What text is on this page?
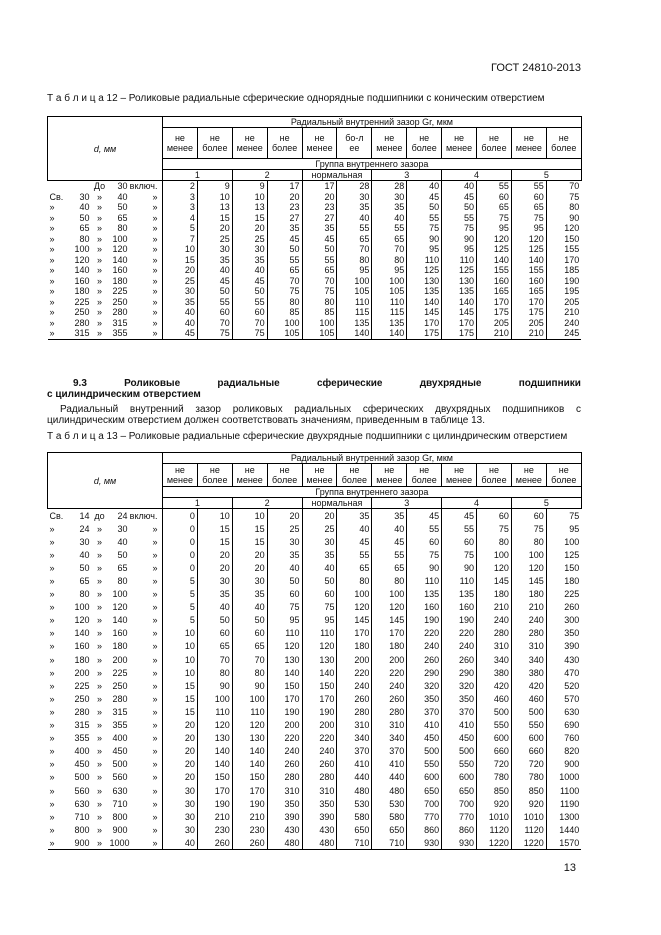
ГОСТ 24810-2013
Т а б л и ц а 12 – Роликовые радиальные сферические однорядные подшипники с коническим отверстием
d, мм	Радиальный внутренний зазор Gr, мкм											
	не менее	не более	не менее	не более	не менее	бо-лее	не менее	не более	не менее	не более	не менее	не более
	Группа внутреннего зазора											
	1		2		нормальная		3		4		5	

До 30 включ.	2	9	9	17	17	28	28	40	40	55	55	70

Св. 30 » 40 »	3	10	10	20	20	30	30	45	45	60	60	75

» 40 » 50 »	3	13	13	23	23	35	35	50	50	65	65	80

» 50 » 65 »	4	15	15	27	27	40	40	55	55	75	75	90

» 65 » 80 »	5	20	20	35	35	55	55	75	75	95	95	120

» 80 » 100 »	7	25	25	45	45	65	65	90	90	120	120	150

» 100 » 120 »	10	30	30	50	50	70	70	95	95	125	125	155

» 120 » 140 »	15	35	35	55	55	80	80	110	110	140	140	170

» 140 » 160 »	20	40	40	65	65	95	95	125	125	155	155	185

» 160 » 180 »	25	45	45	70	70	100	100	130	130	160	160	190

» 180 » 225 »	30	50	50	75	75	105	105	135	135	165	165	195

» 225 » 250 »	35	55	55	80	80	110	110	140	140	170	170	205

» 250 » 280 »	40	60	60	85	85	115	115	145	145	175	175	210

» 280 » 315 »	40	70	70	100	100	135	135	170	170	205	205	240

» 315 » 355 »	45	75	75	105	105	140	140	175	175	210	210	245
9.3	Роликовые	радиальные	сферические	двухрядные	подшипники
с цилиндрическим отверстием
Радиальный внутренний зазор роликовых радиальных сферических двухрядных подшипников с цилиндрическим отверстием должен соответствовать значениям, приведенным в таблице 13.
Т а б л и ц а 13 – Роликовые радиальные сферические двухрядные подшипники с цилиндрическим отверстием
d, мм	Радиальный внутренний зазор Gr, мкм											
	не менее	не более	не менее	не более	не менее	не более	не менее	не более	не менее	не более	не менее	не более
	Группа внутреннего зазора											
	1		2		нормальная		3		4		5	

Св. 14 до 24 включ.	0	10	10	20	20	35	35	45	45	60	60	75

» 24 » 30 »	0	15	15	25	25	40	40	55	55	75	75	95

» 30 » 40 »	0	15	15	30	30	45	45	60	60	80	80	100

» 40 » 50 »	0	20	20	35	35	55	55	75	75	100	100	125

» 50 » 65 »	0	20	20	40	40	65	65	90	90	120	120	150

» 65 » 80 »	5	30	30	50	50	80	80	110	110	145	145	180

» 80 » 100 »	5	35	35	60	60	100	100	135	135	180	180	225

» 100 » 120 »	5	40	40	75	75	120	120	160	160	210	210	260

» 120 » 140 »	5	50	50	95	95	145	145	190	190	240	240	300

» 140 » 160 »	10	60	60	110	110	170	170	220	220	280	280	350

» 160 » 180 »	10	65	65	120	120	180	180	240	240	310	310	390

» 180 » 200 »	10	70	70	130	130	200	200	260	260	340	340	430

» 200 » 225 »	10	80	80	140	140	220	220	290	290	380	380	470

» 225 » 250 »	15	90	90	150	150	240	240	320	320	420	420	520

» 250 » 280 »	15	100	100	170	170	260	260	350	350	460	460	570

» 280 » 315 »	15	110	110	190	190	280	280	370	370	500	500	630

» 315 » 355 »	20	120	120	200	200	310	310	410	410	550	550	690

» 355 » 400 »	20	130	130	220	220	340	340	450	450	600	600	760

» 400 » 450 »	20	140	140	240	240	370	370	500	500	660	660	820

» 450 » 500 »	20	140	140	260	260	410	410	550	550	720	720	900

» 500 » 560 »	20	150	150	280	280	440	440	600	600	780	780	1000

» 560 » 630 »	30	170	170	310	310	480	480	650	650	850	850	1100

» 630 » 710 »	30	190	190	350	350	530	530	700	700	920	920	1190

» 710 » 800 »	30	210	210	390	390	580	580	770	770	1010	1010	1300

» 800 » 900 »	30	230	230	430	430	650	650	860	860	1120	1120	1440

» 900 » 1000 »	40	260	260	480	480	710	710	930	930	1220	1220	1570
13
